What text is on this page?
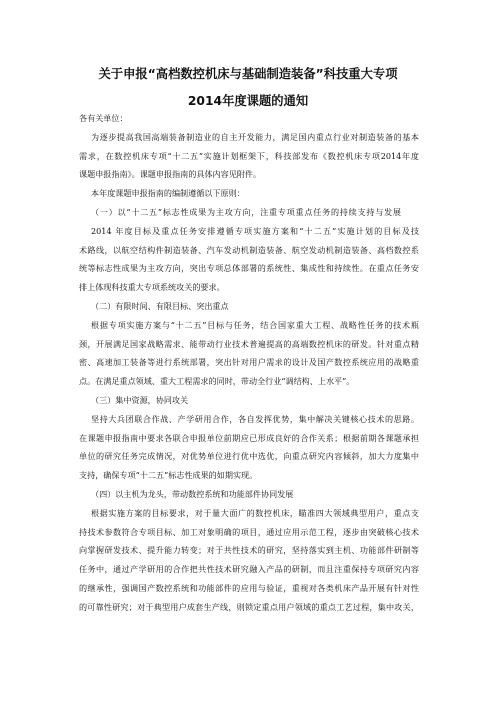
关于申报“高档数控机床与基础制造装备”科技重大专项
2014年度课题的通知
各有关单位：
为逐步提高我国高端装备制造业的自主开发能力，满足国内重点行业对制造装备的基本
需求，在数控机床专项“十二五”实施计划框架下，科技部发布《数控机床专项2014年度
课题申报指南》。课题申报指南的具体内容见附件。
本年度课题申报指南的编制遵循以下原则：
（一）以“十二五”标志性成果为主攻方向，注重专项重点任务的持续支持与发展
2014 年度目标及重点任务安排遵循专项实施方案和“十二五”实施计划的目标及技
术路线，以航空结构件制造装备、汽车发动机制造装备、航空发动机制造装备、高档数控系
统等标志性成果为主攻方向，突出专项总体部署的系统性、集成性和持续性。在重点任务安
排上体现科技重大专项系统攻关的要求。
（二）有限时间、有限目标、突出重点
根据专项实施方案与“十二五”目标与任务，结合国家重大工程、战略性任务的技术瓶
颈，开展满足国家战略需求、能带动行业技术普遍提高的高端数控机床的研发。针对重点精
密、高速加工装备等进行系统部署，突出针对用户需求的设计及国产数控系统应用的战略重
点。在满足重点领域、重大工程需求的同时，带动全行业“调结构、上水平”。
（三）集中资源，协同攻关
坚持大兵团联合作战、产学研用合作，各自发挥优势，集中解决关键核心技术的思路。
在课题申报指南中要求各联合申报单位前期应已形成良好的合作关系；根据前期各课题承担
单位的研究任务完成情况，对优势单位进行优中选优，向重点研究内容倾斜，加大力度集中
支持，确保专项“十二五”标志性成果的如期实现。
（四）以主机为龙头，带动数控系统和功能部件协同发展
根据实施方案的目标要求，对于量大面广的数控机床，瞄准四大领域典型用户，重点支
持技术参数符合专项目标、加工对象明确的项目，通过应用示范工程，逐步由突破核心技术
向掌握研发技术、提升能力转变；对于共性技术的研究，坚持落实到主机、功能部件研制等
任务中，通过产学研用的合作把共性技术研究融入产品的研制，而且注重保持专项研究内容
的继承性，强调国产数控系统和功能部件的应用与验证，重视对各类机床产品开展有针对性
的可靠性研究；对于典型用户成套生产线，则锁定重点用户领域的重点工艺过程，集中攻关，
